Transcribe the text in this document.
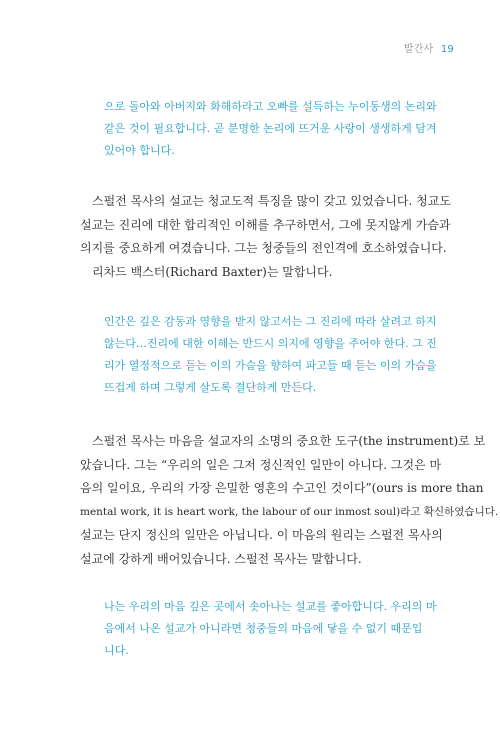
발간사 19
으로 돌아와 아버지와 화해하라고 오빠를 설득하는 누이동생의 논리와
같은 것이 필요합니다. 곧 분명한 논리에 뜨거운 사랑이 생생하게 담겨
있어야 합니다.
스펄전 목사의 설교는 청교도적 특징을 많이 갖고 있었습니다. 청교도
설교는 진리에 대한 합리적인 이해를 추구하면서, 그에 못지않게 가슴과
의지를 중요하게 여겼습니다. 그는 청중들의 전인격에 호소하였습니다.
리차드 백스터(Richard Baxter)는 말합니다.
인간은 깊은 감동과 영향을 받지 않고서는 그 진리에 따라 살려고 하지
않는다…진리에 대한 이해는 반드시 의지에 영향을 주어야 한다. 그 진
리가 열정적으로 듣는 이의 가슴을 향하여 파고들 때 듣는 이의 가슴을
뜨겁게 하며 그렇게 살도록 결단하게 만든다.
스펄전 목사는 마음을 설교자의 소명의 중요한 도구(the instrument)로 보
았습니다. 그는 “우리의 일은 그저 정신적인 일만이 아니다. 그것은 마
음의 일이요, 우리의 가장 은밀한 영혼의 수고인 것이다”(ours is more than
mental work, it is heart work, the labour of our inmost soul)라고 확신하였습니다.
설교는 단지 정신의 일만은 아닙니다. 이 마음의 원리는 스펄전 목사의
설교에 강하게 배어있습니다. 스펄전 목사는 말합니다.
나는 우리의 마음 깊은 곳에서 솟아나는 설교를 좋아합니다. 우리의 마
음에서 나온 설교가 아니라면 청중들의 마음에 닿을 수 없기 때문입
니다.
